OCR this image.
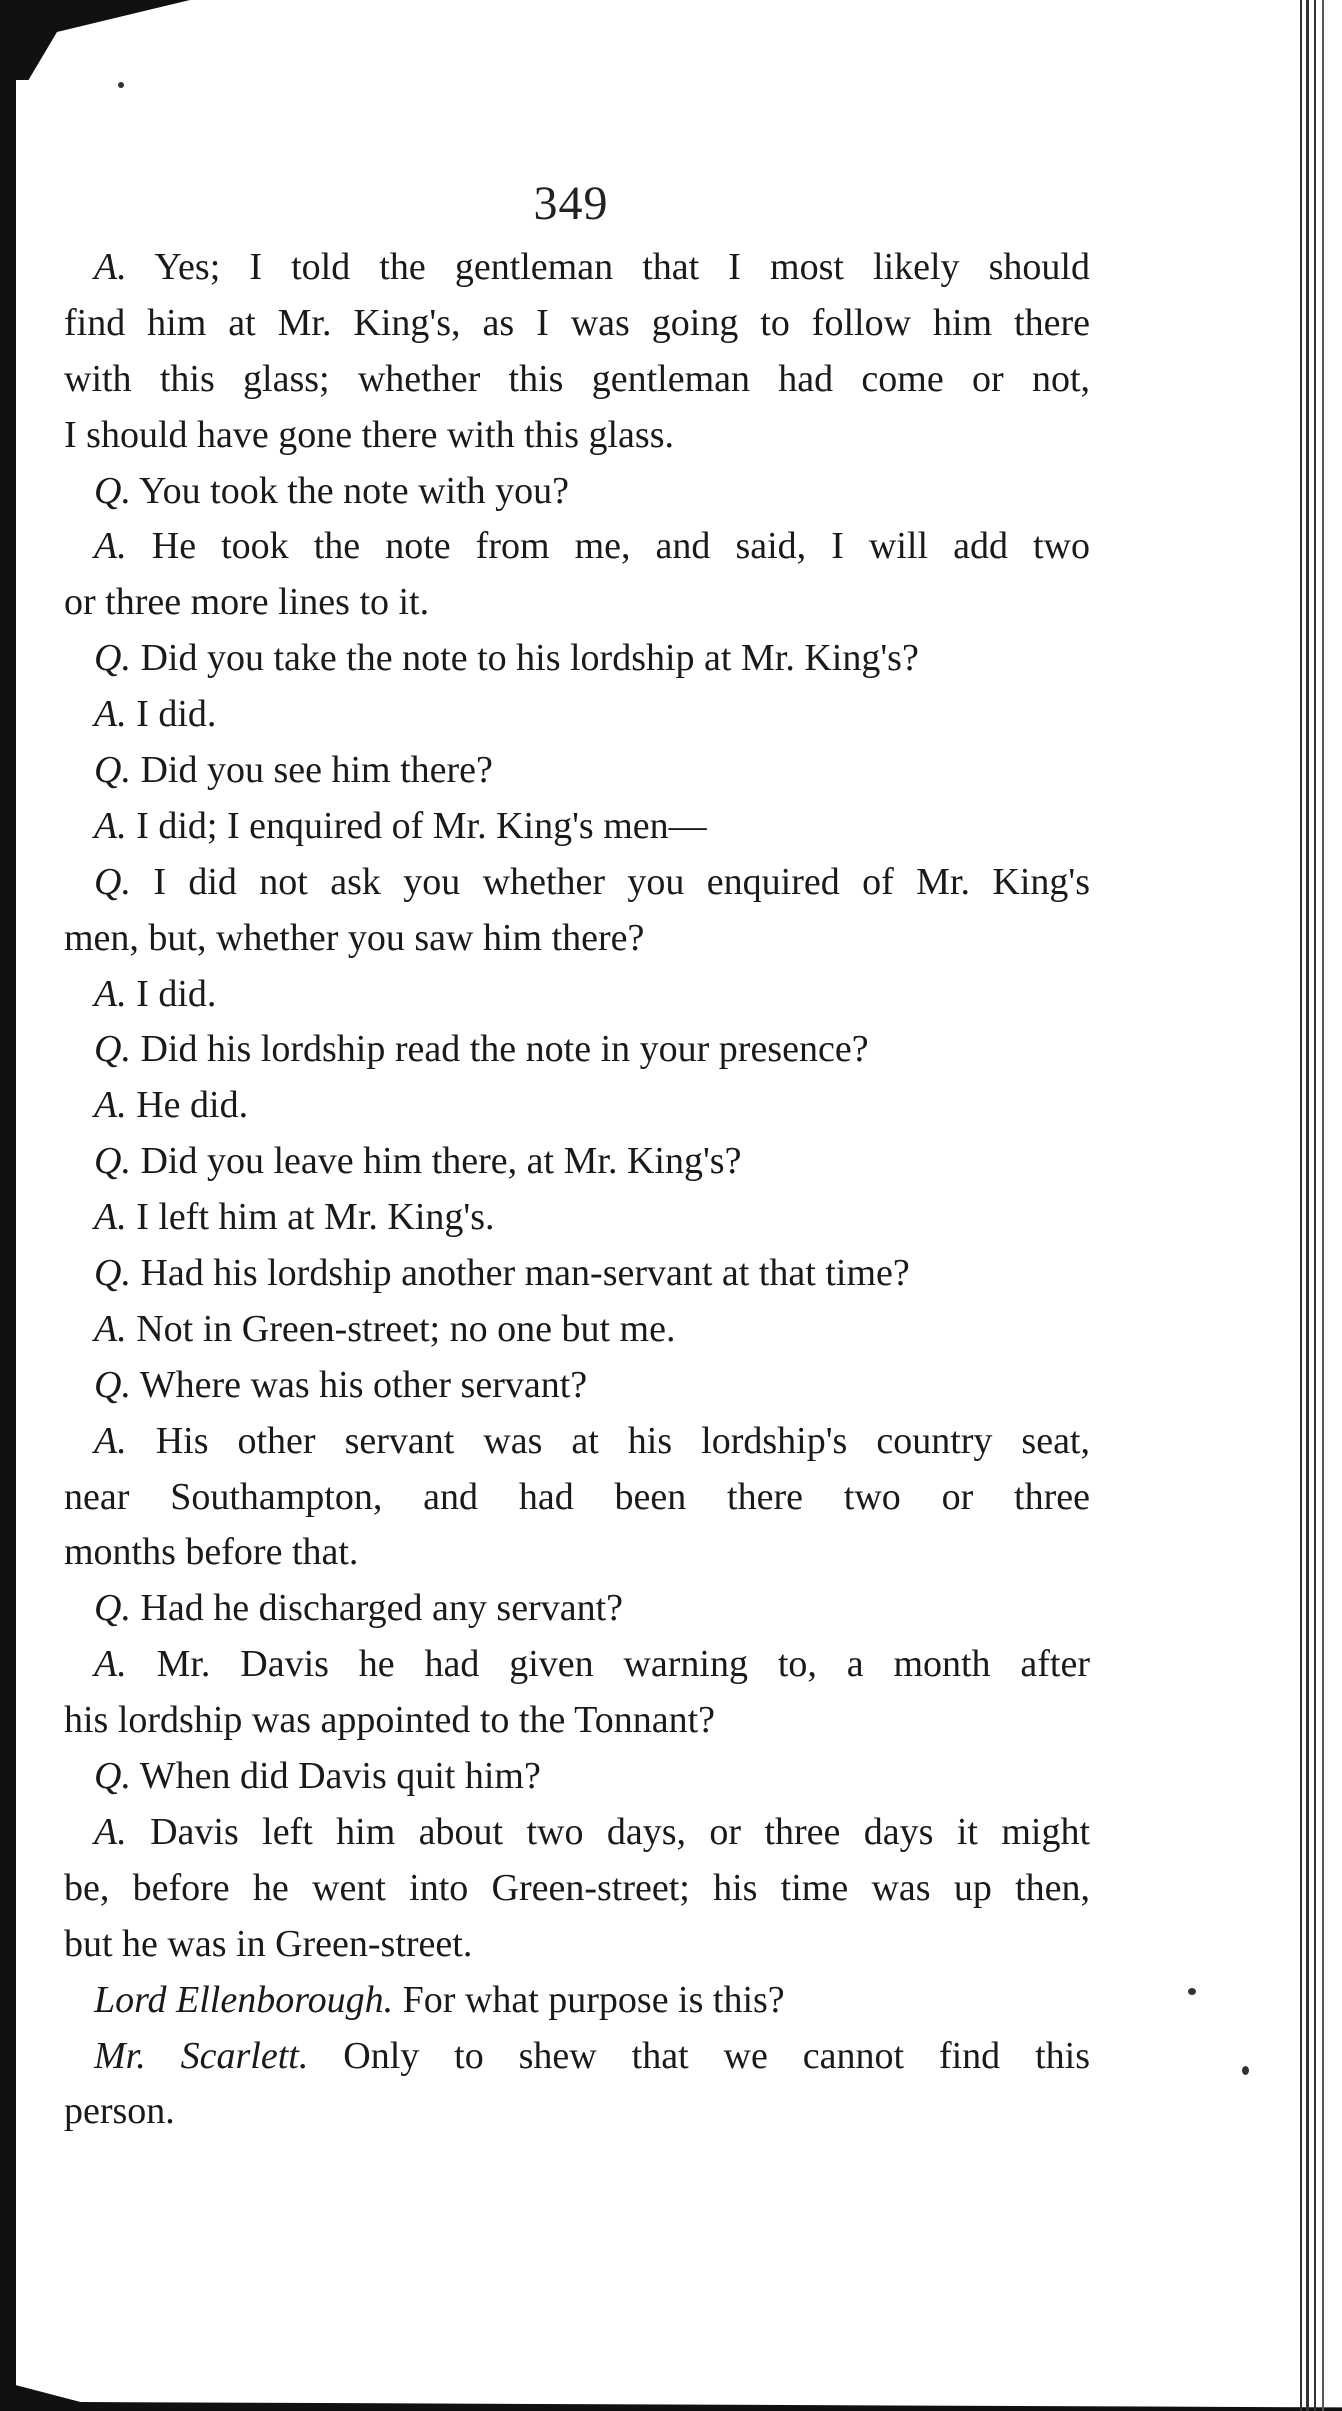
349
A. Yes; I told the gentleman that I most likely should
find him at Mr. King's, as I was going to follow him there
with this glass; whether this gentleman had come or not,
I should have gone there with this glass.
Q. You took the note with you?
A. He took the note from me, and said, I will add two
or three more lines to it.
Q. Did you take the note to his lordship at Mr. King's?
A. I did.
Q. Did you see him there?
A. I did; I enquired of Mr. King's men—
Q. I did not ask you whether you enquired of Mr. King's
men, but, whether you saw him there?
A. I did.
Q. Did his lordship read the note in your presence?
A. He did.
Q. Did you leave him there, at Mr. King's?
A. I left him at Mr. King's.
Q. Had his lordship another man-servant at that time?
A. Not in Green-street; no one but me.
Q. Where was his other servant?
A. His other servant was at his lordship's country seat,
near Southampton, and had been there two or three
months before that.
Q. Had he discharged any servant?
A. Mr. Davis he had given warning to, a month after
his lordship was appointed to the Tonnant?
Q. When did Davis quit him?
A. Davis left him about two days, or three days it might
be, before he went into Green-street; his time was up then,
but he was in Green-street.
Lord Ellenborough. For what purpose is this?
Mr. Scarlett. Only to shew that we cannot find this
person.
